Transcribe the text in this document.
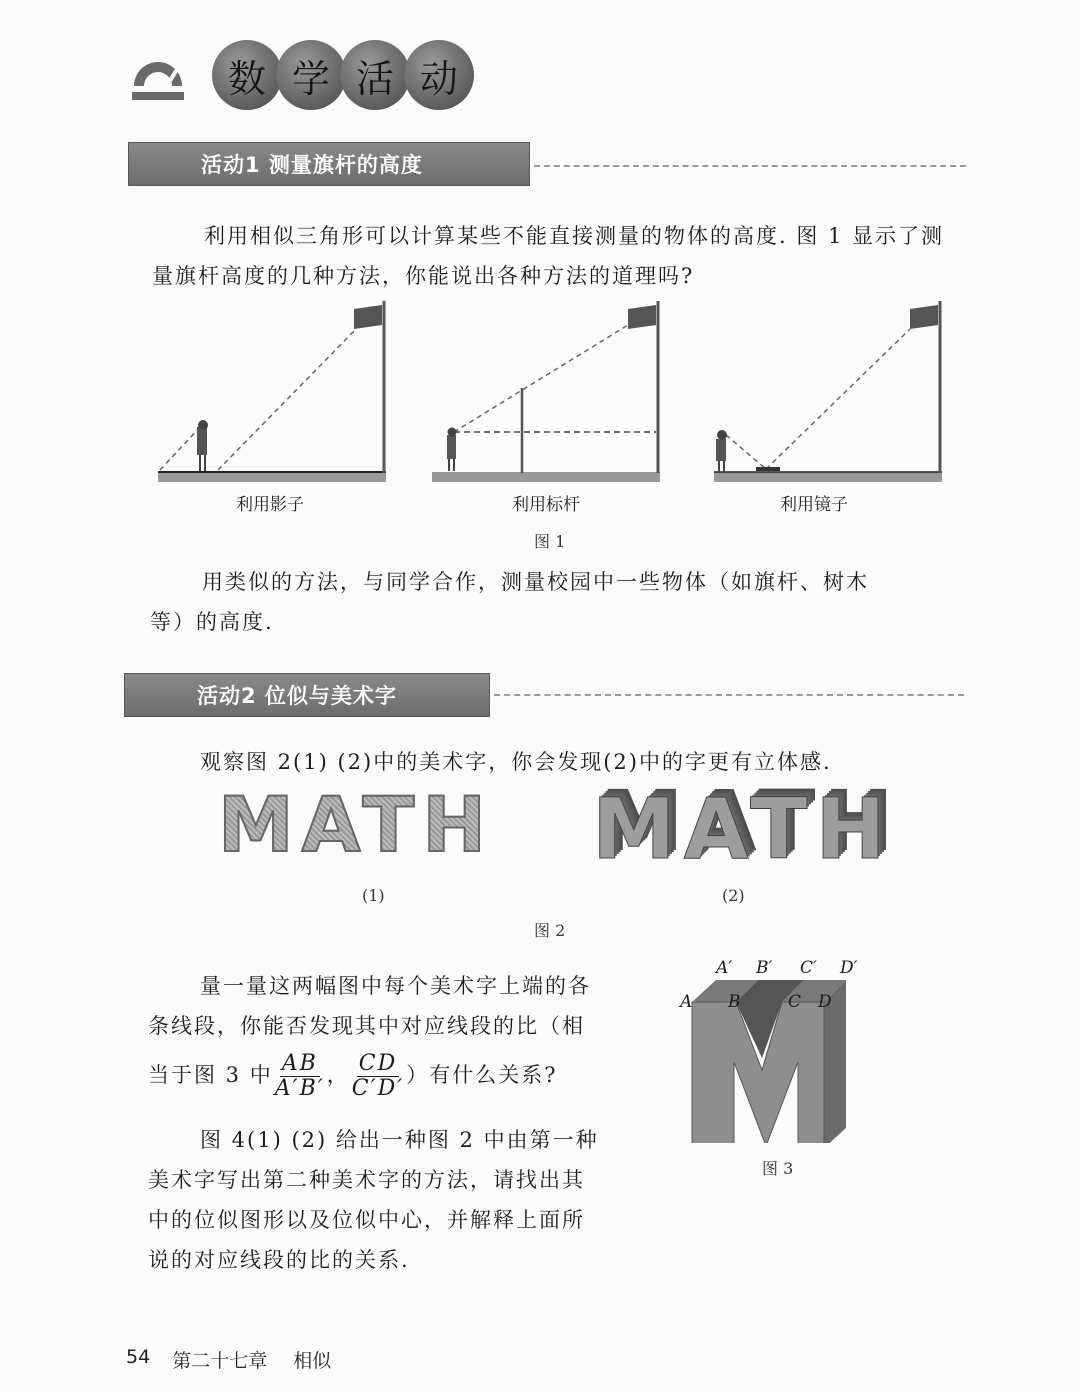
数 学 活 动
活动1 测量旗杆的高度
利用相似三角形可以计算某些不能直接测量的物体的高度. 图 1 显示了测
量旗杆高度的几种方法，你能说出各种方法的道理吗?
利用影子	利用标杆	利用镜子
图 1
用类似的方法，与同学合作，测量校园中一些物体（如旗杆、树木
等）的高度.
活动2 位似与美术字
观察图 2(1) (2)中的美术字，你会发现(2)中的字更有立体感.
MATH MATH
(1)	(2)
图 2
量一量这两幅图中每个美术字上端的各
条线段，你能否发现其中对应线段的比（相
当于图 3 中 $\frac{AB}{A'B'}$ ， $\frac{CD}{C'D'}$ ）有什么关系?
图 4(1) (2) 给出一种图 2 中由第一种
美术字写出第二种美术字的方法，请找出其
中的位似图形以及位似中心，并解释上面所
说的对应线段的比的关系.
A′ B′ C′ D′
A B	C D
图 3
54 第二十七章 相似
